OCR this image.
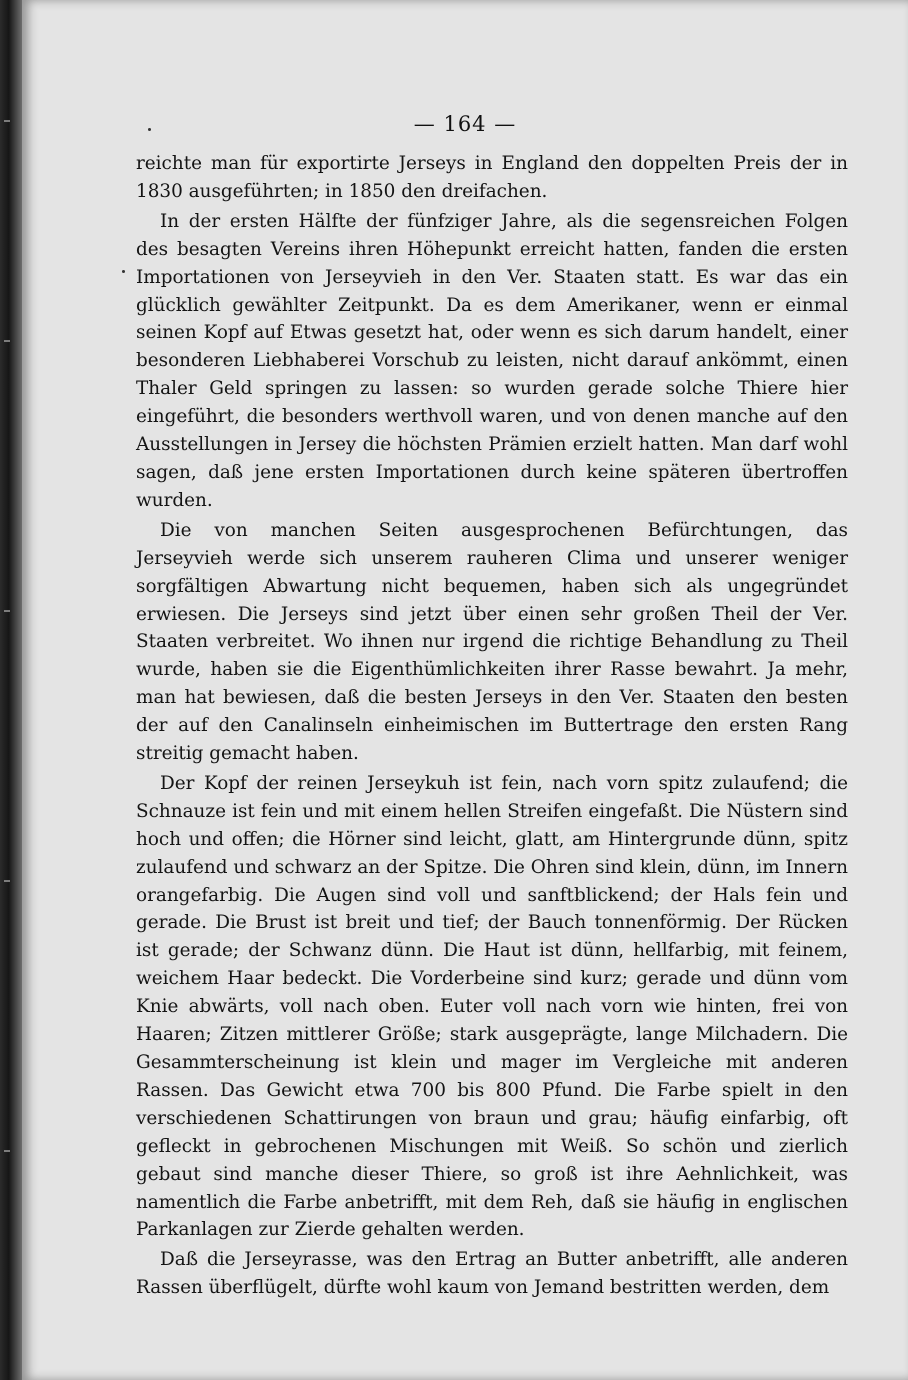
— 164 —

reichte man für exportirte Jerseys in England den doppelten Preis der in 1830 ausgeführten; in 1850 den dreifachen.

In der ersten Hälfte der fünfziger Jahre, als die segensreichen Folgen des besagten Vereins ihren Höhepunkt erreicht hatten, fanden die ersten Importationen von Jerseyvieh in den Ver. Staaten statt. Es war das ein glücklich gewählter Zeitpunkt. Da es dem Amerikaner, wenn er einmal seinen Kopf auf Etwas gesetzt hat, oder wenn es sich darum handelt, einer besonderen Liebhaberei Vorschub zu leisten, nicht darauf ankömmt, einen Thaler Geld springen zu lassen: so wurden gerade solche Thiere hier eingeführt, die besonders werthvoll waren, und von denen manche auf den Ausstellungen in Jersey die höchsten Prämien erzielt hatten. Man darf wohl sagen, daß jene ersten Importationen durch keine späteren übertroffen wurden.

Die von manchen Seiten ausgesprochenen Befürchtungen, das Jerseyvieh werde sich unserem rauheren Clima und unserer weniger sorgfältigen Abwartung nicht bequemen, haben sich als ungegründet erwiesen. Die Jerseys sind jetzt über einen sehr großen Theil der Ver. Staaten verbreitet. Wo ihnen nur irgend die richtige Behandlung zu Theil wurde, haben sie die Eigenthümlichkeiten ihrer Rasse bewahrt. Ja mehr, man hat bewiesen, daß die besten Jerseys in den Ver. Staaten den besten der auf den Canalinseln einheimischen im Buttertrage den ersten Rang streitig gemacht haben.

Der Kopf der reinen Jerseykuh ist fein, nach vorn spitz zulaufend; die Schnauze ist fein und mit einem hellen Streifen eingefaßt. Die Nüstern sind hoch und offen; die Hörner sind leicht, glatt, am Hintergrunde dünn, spitz zulaufend und schwarz an der Spitze. Die Ohren sind klein, dünn, im Innern orangefarbig. Die Augen sind voll und sanftblickend; der Hals fein und gerade. Die Brust ist breit und tief; der Bauch tonnenförmig. Der Rücken ist gerade; der Schwanz dünn. Die Haut ist dünn, hellfarbig, mit feinem, weichem Haar bedeckt. Die Vorderbeine sind kurz; gerade und dünn vom Knie abwärts, voll nach oben. Euter voll nach vorn wie hinten, frei von Haaren; Zitzen mittlerer Größe; stark ausgeprägte, lange Milchadern. Die Gesammterscheinung ist klein und mager im Vergleiche mit anderen Rassen. Das Gewicht etwa 700 bis 800 Pfund. Die Farbe spielt in den verschiedenen Schattirungen von braun und grau; häufig einfarbig, oft gefleckt in gebrochenen Mischungen mit Weiß. So schön und zierlich gebaut sind manche dieser Thiere, so groß ist ihre Aehnlichkeit, was namentlich die Farbe anbetrifft, mit dem Reh, daß sie häufig in englischen Parkanlagen zur Zierde gehalten werden.

Daß die Jerseyrasse, was den Ertrag an Butter anbetrifft, alle anderen Rassen überflügelt, dürfte wohl kaum von Jemand bestritten werden, dem
